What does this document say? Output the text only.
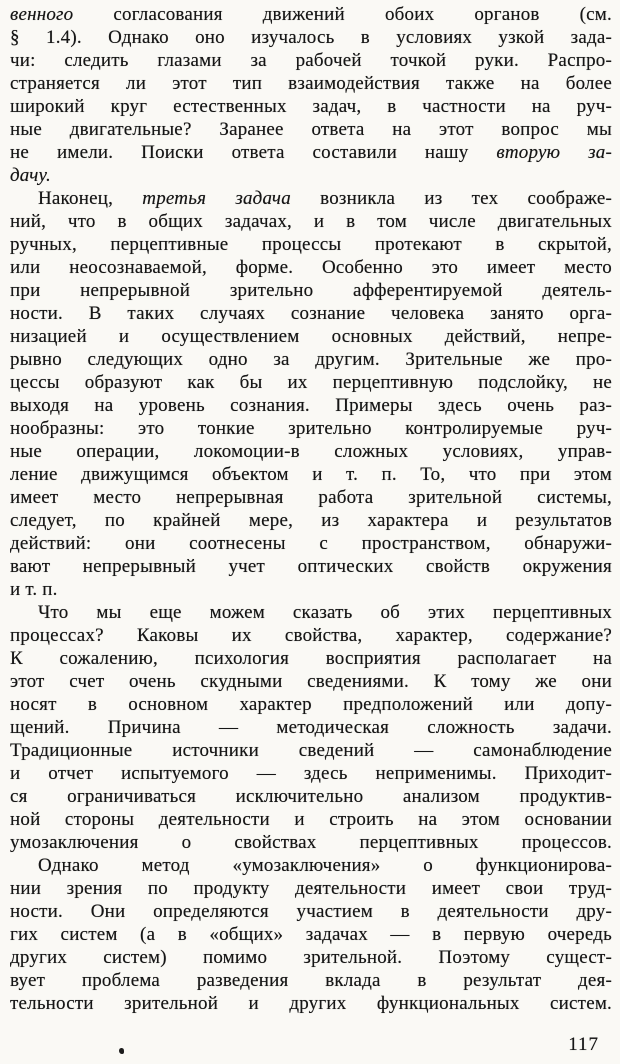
венного согласования движений обоих органов (см.
§ 1.4). Однако оно изучалось в условиях узкой зада-
чи: следить глазами за рабочей точкой руки. Распро-
страняется ли этот тип взаимодействия также на более
широкий круг естественных задач, в частности на руч-
ные двигательные? Заранее ответа на этот вопрос мы
не имели. Поиски ответа составили нашу вторую за-
дачу.
Наконец, третья задача возникла из тех соображе-
ний, что в общих задачах, и в том числе двигательных
ручных, перцептивные процессы протекают в скрытой,
или неосознаваемой, форме. Особенно это имеет место
при непрерывной зрительно афферентируемой деятель-
ности. В таких случаях сознание человека занято орга-
низацией и осуществлением основных действий, непре-
рывно следующих одно за другим. Зрительные же про-
цессы образуют как бы их перцептивную подслойку, не
выходя на уровень сознания. Примеры здесь очень раз-
нообразны: это тонкие зрительно контролируемые руч-
ные операции, локомоции-в сложных условиях, управ-
ление движущимся объектом и т. п. То, что при этом
имеет место непрерывная работа зрительной системы,
следует, по крайней мере, из характера и результатов
действий: они соотнесены с пространством, обнаружи-
вают непрерывный учет оптических свойств окружения
и т. п.
Что мы еще можем сказать об этих перцептивных
процессах? Каковы их свойства, характер, содержание?
К сожалению, психология восприятия располагает на
этот счет очень скудными сведениями. К тому же они
носят в основном характер предположений или допу-
щений. Причина — методическая сложность задачи.
Традиционные источники сведений — самонаблюдение
и отчет испытуемого — здесь неприменимы. Приходит-
ся ограничиваться исключительно анализом продуктив-
ной стороны деятельности и строить на этом основании
умозаключения о свойствах перцептивных процессов.
Однако метод «умозаключения» о функционирова-
нии зрения по продукту деятельности имеет свои труд-
ности. Они определяются участием в деятельности дру-
гих систем (а в «общих» задачах — в первую очередь
других систем) помимо зрительной. Поэтому сущест-
вует проблема разведения вклада в результат дея-
тельности зрительной и других функциональных систем.
117
